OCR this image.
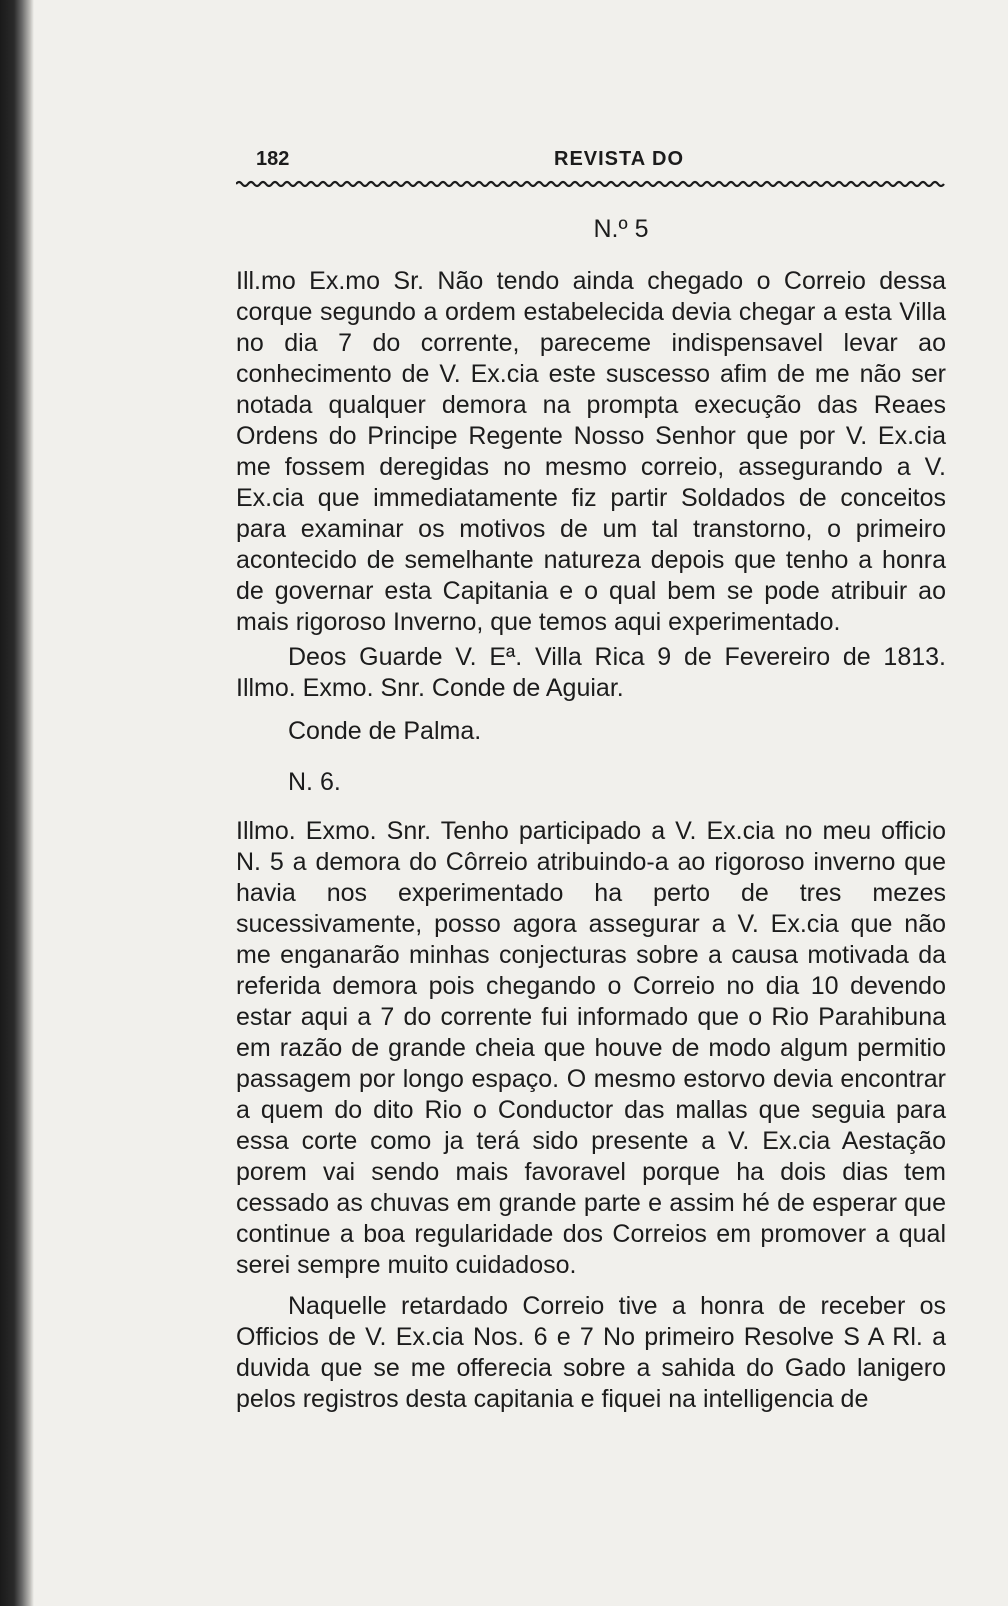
182	REVISTA DO
N.º 5

Ill.mo Ex.mo Sr. Não tendo ainda chegado o Correio dessa corque segundo a ordem estabelecida devia chegar a esta Villa no dia 7 do corrente, pareceme indispensavel levar ao conhecimento de V. Ex.cia este suscesso afim de me não ser notada qualquer demora na prompta execução das Reaes Ordens do Principe Regente Nosso Senhor que por V. Ex.cia me fossem deregidas no mesmo correio, assegurando a V. Ex.cia que immediatamente fiz partir Soldados de conceitos para examinar os motivos de um tal transtorno, o primeiro acontecido de semelhante natureza depois que tenho a honra de governar esta Capitania e o qual bem se pode atribuir ao mais rigoroso Inverno, que temos aqui experimentado.

Deos Guarde V. Eª. Villa Rica 9 de Fevereiro de 1813. Illmo. Exmo. Snr. Conde de Aguiar.

Conde de Palma.

N. 6.

Illmo. Exmo. Snr. Tenho participado a V. Ex.cia no meu officio N. 5 a demora do Côrreio atribuindo-a ao rigoroso inverno que havia nos experimentado ha perto de tres mezes sucessivamente, posso agora assegurar a V. Ex.cia que não me enganarão minhas conjecturas sobre a causa motivada da referida demora pois chegando o Correio no dia 10 devendo estar aqui a 7 do corrente fui informado que o Rio Parahibuna em razão de grande cheia que houve de modo algum permitio passagem por longo espaço. O mesmo estorvo devia encontrar a quem do dito Rio o Conductor das mallas que seguia para essa corte como ja terá sido presente a V. Ex.cia Aestação porem vai sendo mais favoravel porque ha dois dias tem cessado as chuvas em grande parte e assim hé de esperar que continue a boa regularidade dos Correios em promover a qual serei sempre muito cuidadoso.

Naquelle retardado Correio tive a honra de receber os Officios de V. Ex.cia Nos. 6 e 7 No primeiro Resolve S A Rl. a duvida que se me offerecia sobre a sahida do Gado lanigero pelos registros desta capitania e fiquei na intelligencia de
